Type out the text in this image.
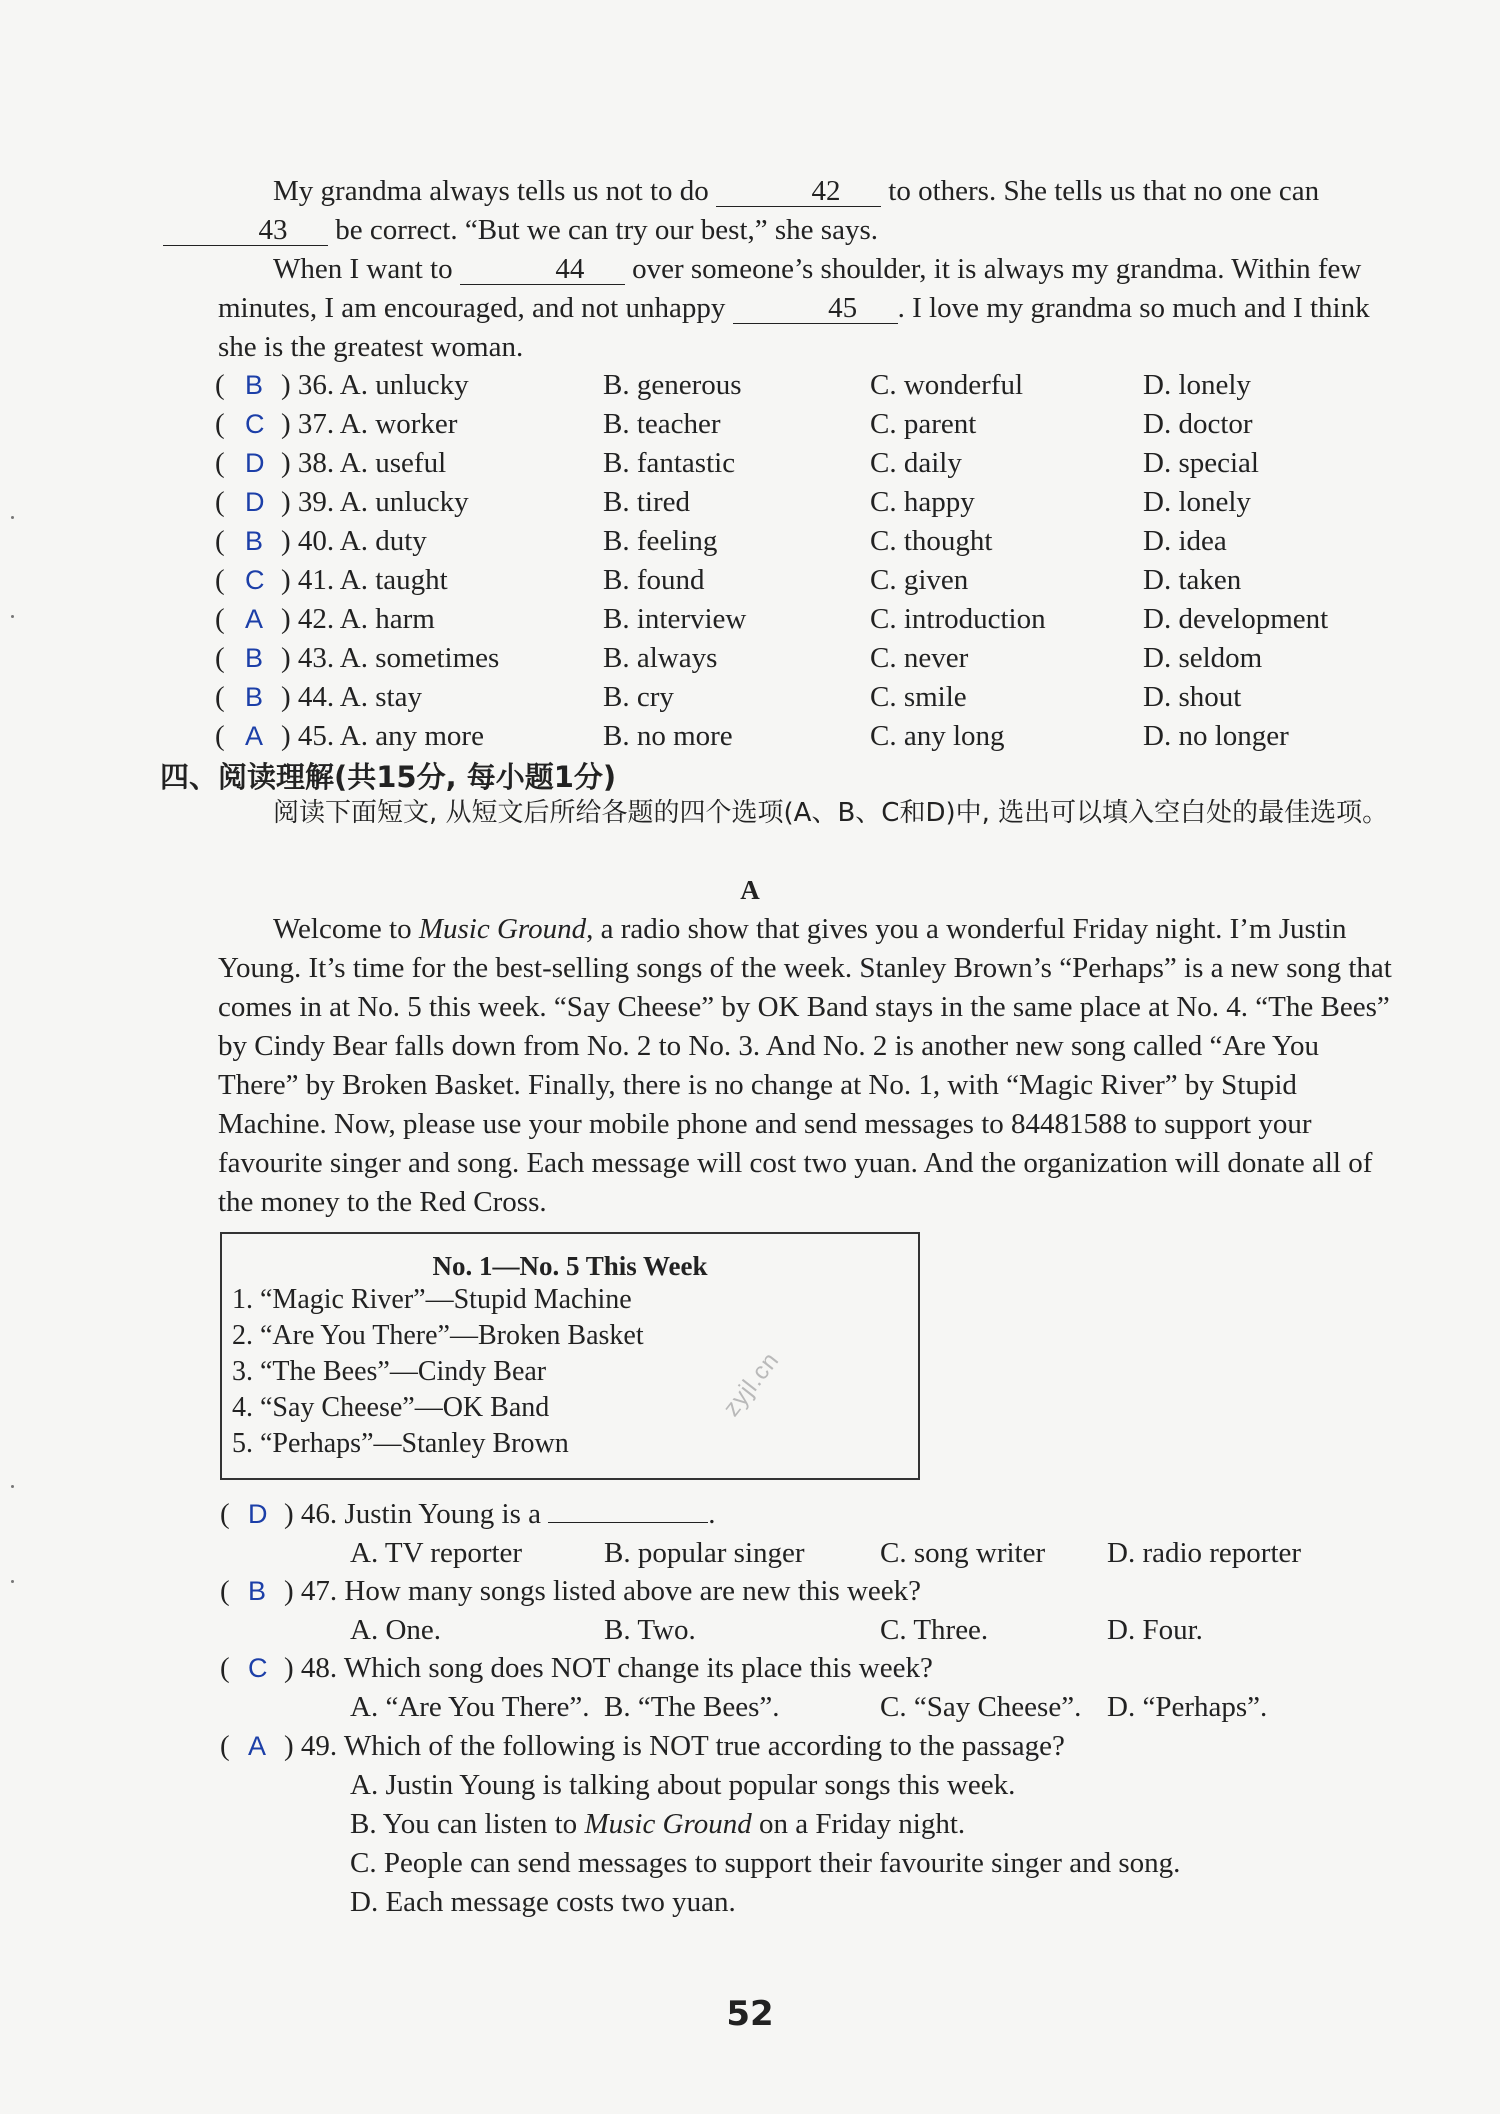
My grandma always tells us not to do	42 to others. She tells us that no one can
43 be correct. “But we can try our best,” she says.

When I want to	44 over someone’s shoulder, it is always my grandma. Within few minutes, I am encouraged, and not unhappy	45 . I love my grandma so much and I think she is the greatest woman.

( B ) 36. A. unlucky	B. generous	C. wonderful	D. lonely
( C ) 37. A. worker	B. teacher	C. parent	D. doctor
( D ) 38. A. useful	B. fantastic	C. daily	D. special
( D ) 39. A. unlucky	B. tired	C. happy	D. lonely
( B ) 40. A. duty	B. feeling	C. thought	D. idea
( C ) 41. A. taught	B. found	C. given	D. taken
( A ) 42. A. harm	B. interview	C. introduction	D. development
( B ) 43. A. sometimes	B. always	C. never	D. seldom
( B ) 44. A. stay	B. cry	C. smile	D. shout
( A ) 45. A. any more	B. no more	C. any long	D. no longer
四、阅读理解(共15分, 每小题1分)

阅读下面短文, 从短文后所给各题的四个选项(A、B、C和D)中, 选出可以填入空白处的最佳选项。

A

Welcome to Music Ground, a radio show that gives you a wonderful Friday night. I’m Justin Young. It’s time for the best-selling songs of the week. Stanley Brown’s “Perhaps” is a new song that comes in at No. 5 this week. “Say Cheese” by OK Band stays in the same place at No. 4. “The Bees” by Cindy Bear falls down from No. 2 to No. 3. And No. 2 is another new song called “Are You There” by Broken Basket. Finally, there is no change at No. 1, with “Magic River” by Stupid Machine. Now, please use your mobile phone and send messages to 84481588 to support your favourite singer and song. Each message will cost two yuan. And the organization will donate all of the money to the Red Cross.

No. 1—No. 5 This Week
1. “Magic River”—Stupid Machine
2. “Are You There”—Broken Basket
3. “The Bees”—Cindy Bear
4. “Say Cheese”—OK Band
5. “Perhaps”—Stanley Brown
zyjl.cn
( D ) 46. Justin Young is a	.
A. TV reporter	B. popular singer	C. song writer D. radio reporter
( B ) 47. How many songs listed above are new this week?
A. One.	B. Two.	C. Three.	D. Four.
( C ) 48. Which song does NOT change its place this week?
A. “Are You There”. B. “The Bees”.	C. “Say Cheese”. D. “Perhaps”.
( A ) 49. Which of the following is NOT true according to the passage?
A. Justin Young is talking about popular songs this week.
B. You can listen to Music Ground on a Friday night.
C. People can send messages to support their favourite singer and song.
D. Each message costs two yuan.
52
